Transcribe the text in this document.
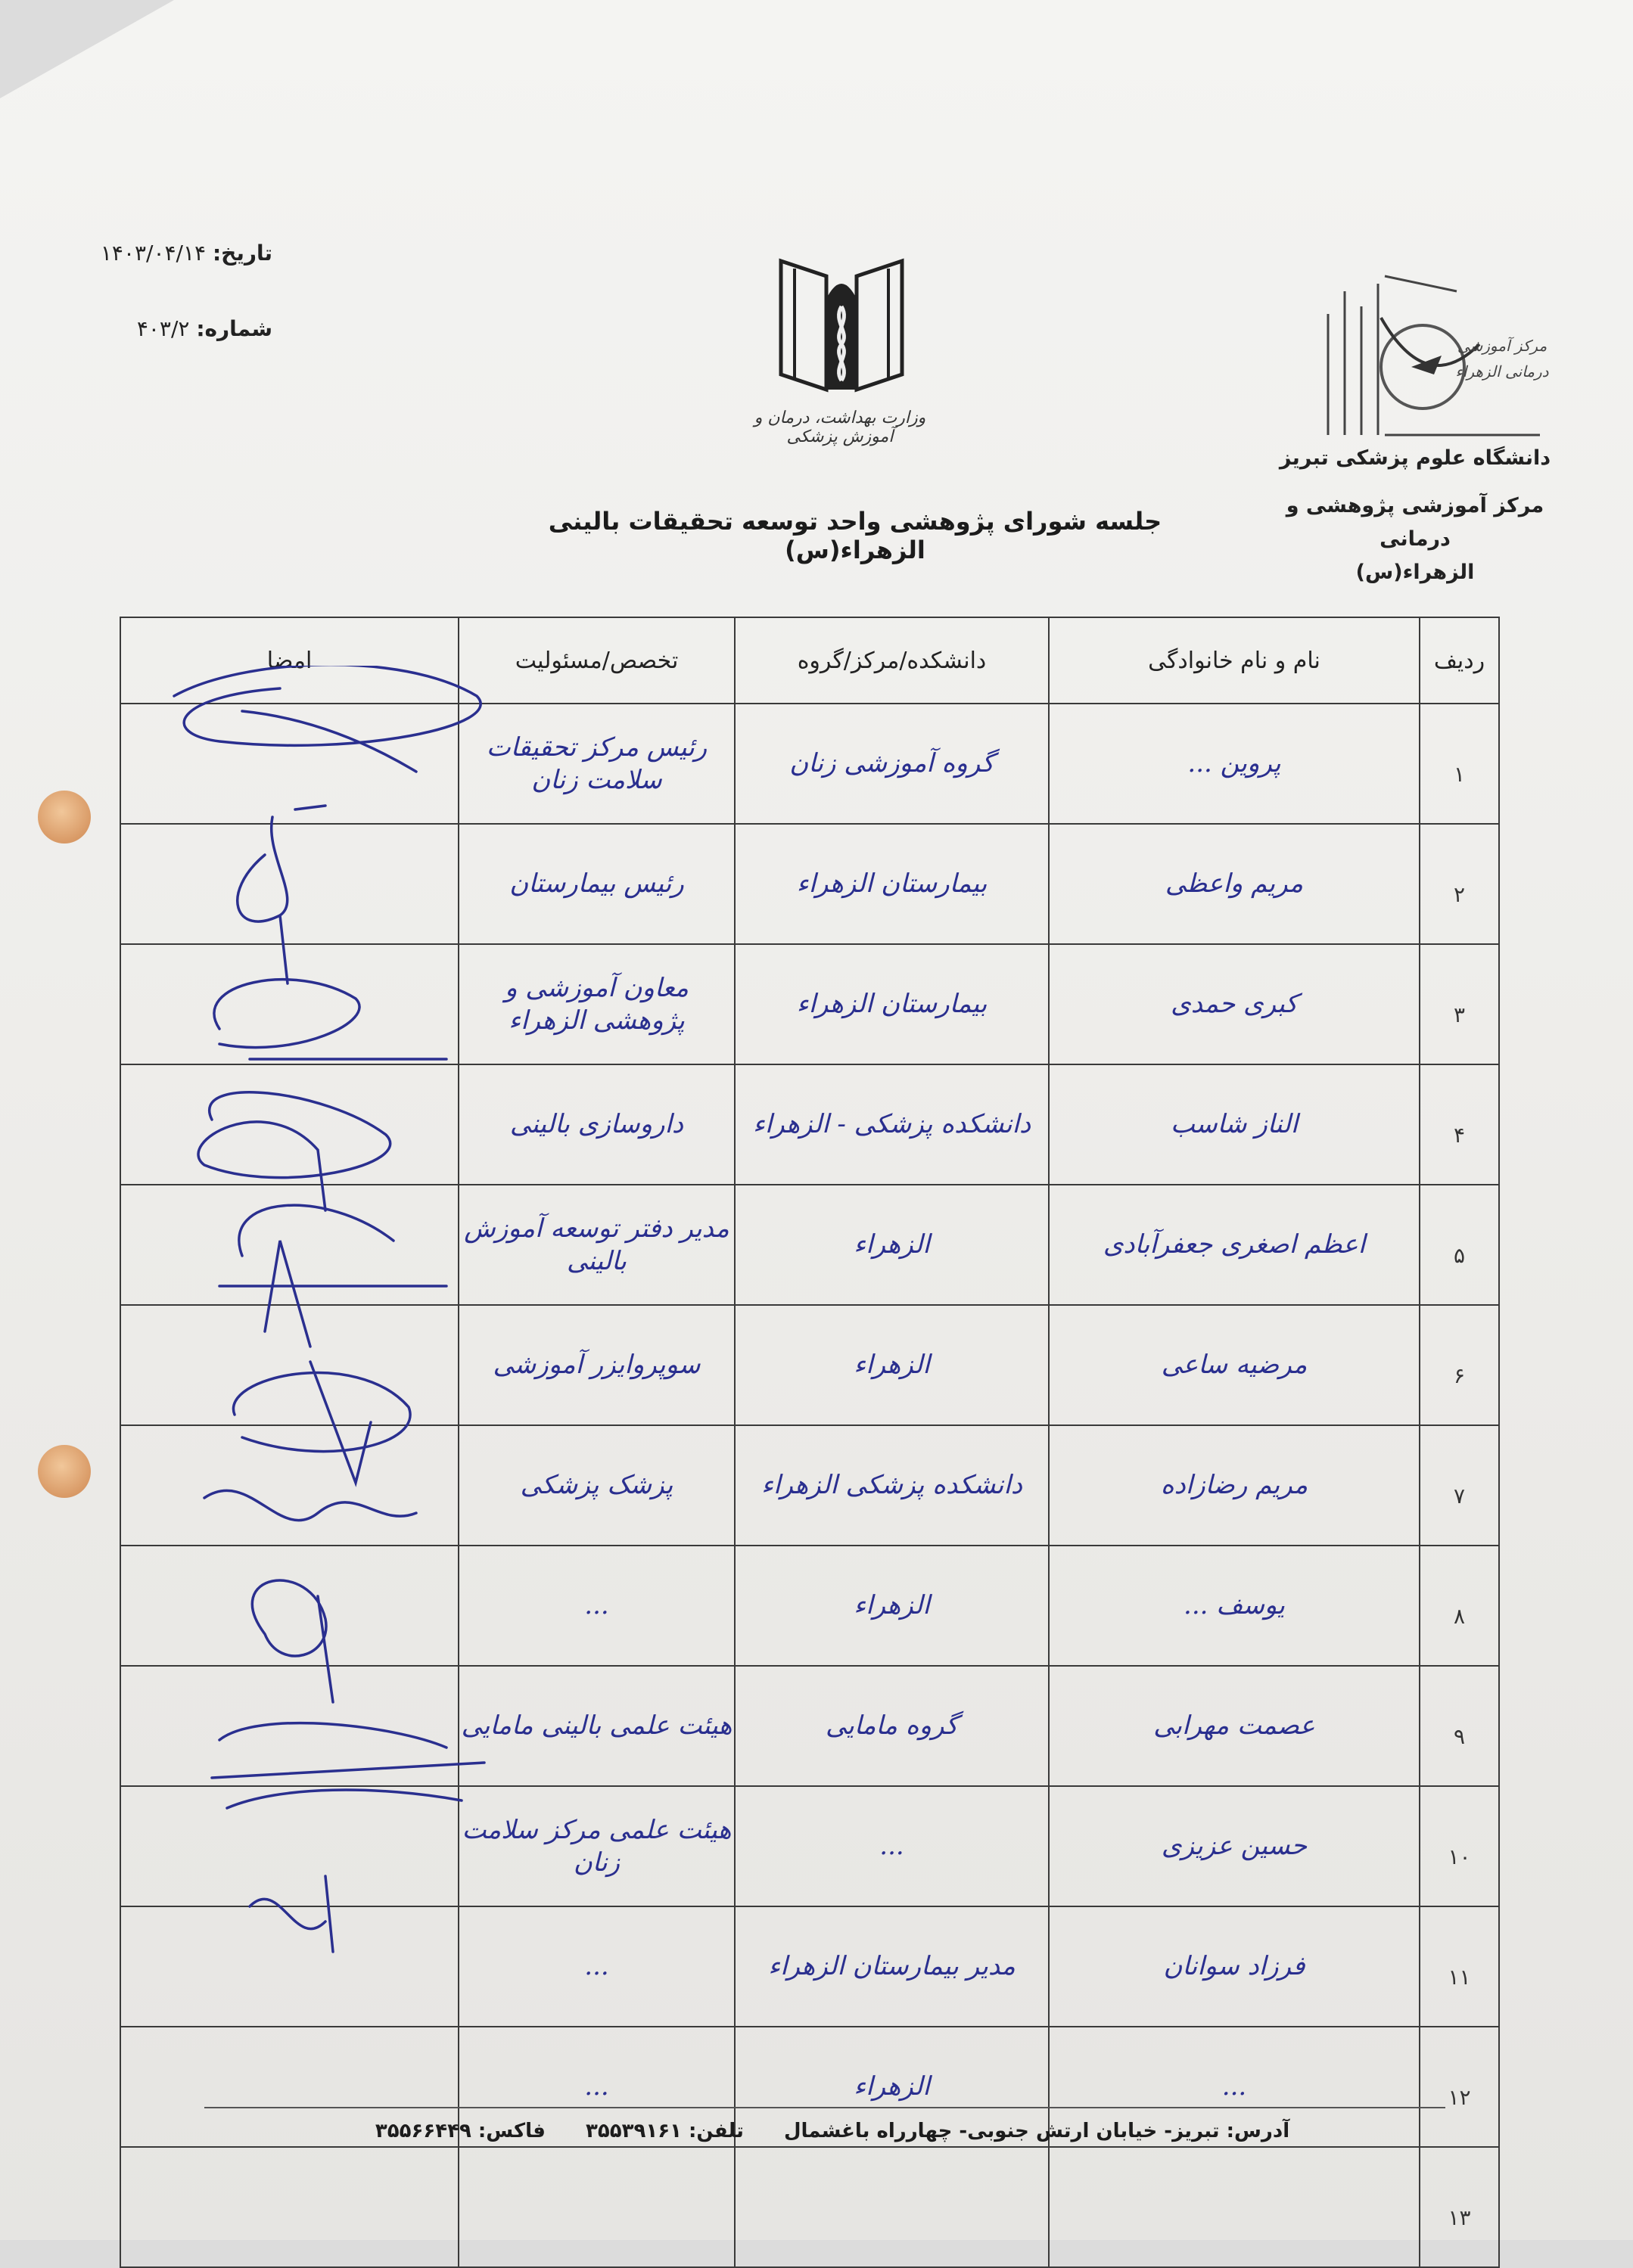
تاریخ: ۱۴۰۳/۰۴/۱۴
شماره: ۴۰۳/۲
وزارت بهداشت، درمان و آموزش پزشکی
مرکز آموزشی درمانی الزهراء
دانشگاه علوم پزشکی تبریز
مرکز آموزشی پژوهشی و درمانی
الزهراء(س)
جلسه شورای پژوهشی واحد توسعه تحقیقات بالینی الزهراء(س)
ردیف	نام و نام خانوادگی	دانشکده/مرکز/گروه	تخصص/مسئولیت	امضا
۱	پروین ...	گروه آموزشی زنان	رئیس مرکز تحقیقات سلامت زنان	
۲	مریم واعظی	بیمارستان الزهراء	رئیس بیمارستان	
۳	کبری حمدی	بیمارستان الزهراء	معاون آموزشی و پژوهشی الزهراء	
۴	الناز شاسب	دانشکده پزشکی - الزهراء	داروسازی بالینی	
۵	اعظم اصغری جعفرآبادی	الزهراء	مدیر دفتر توسعه آموزش بالینی	
۶	مرضیه ساعی	الزهراء	سوپروایزر آموزشی	
۷	مریم رضازاده	دانشکده پزشکی الزهراء	پزشک پزشکی	
۸	یوسف ...	الزهراء	...	
۹	عصمت مهرابی	گروه مامایی	هیئت علمی بالینی مامایی	
۱۰	حسین عزیزی	...	هیئت علمی مرکز سلامت زنان	
۱۱	فرزاد سوانان	مدیر بیمارستان الزهراء	...	
۱۲	...	الزهراء	...	
۱۳				
آدرس: تبریز- خیابان ارتش جنوبی- چهارراه باغشمال تلفن: ۳۵۵۳۹۱۶۱ فاکس: ۳۵۵۶۶۴۴۹
